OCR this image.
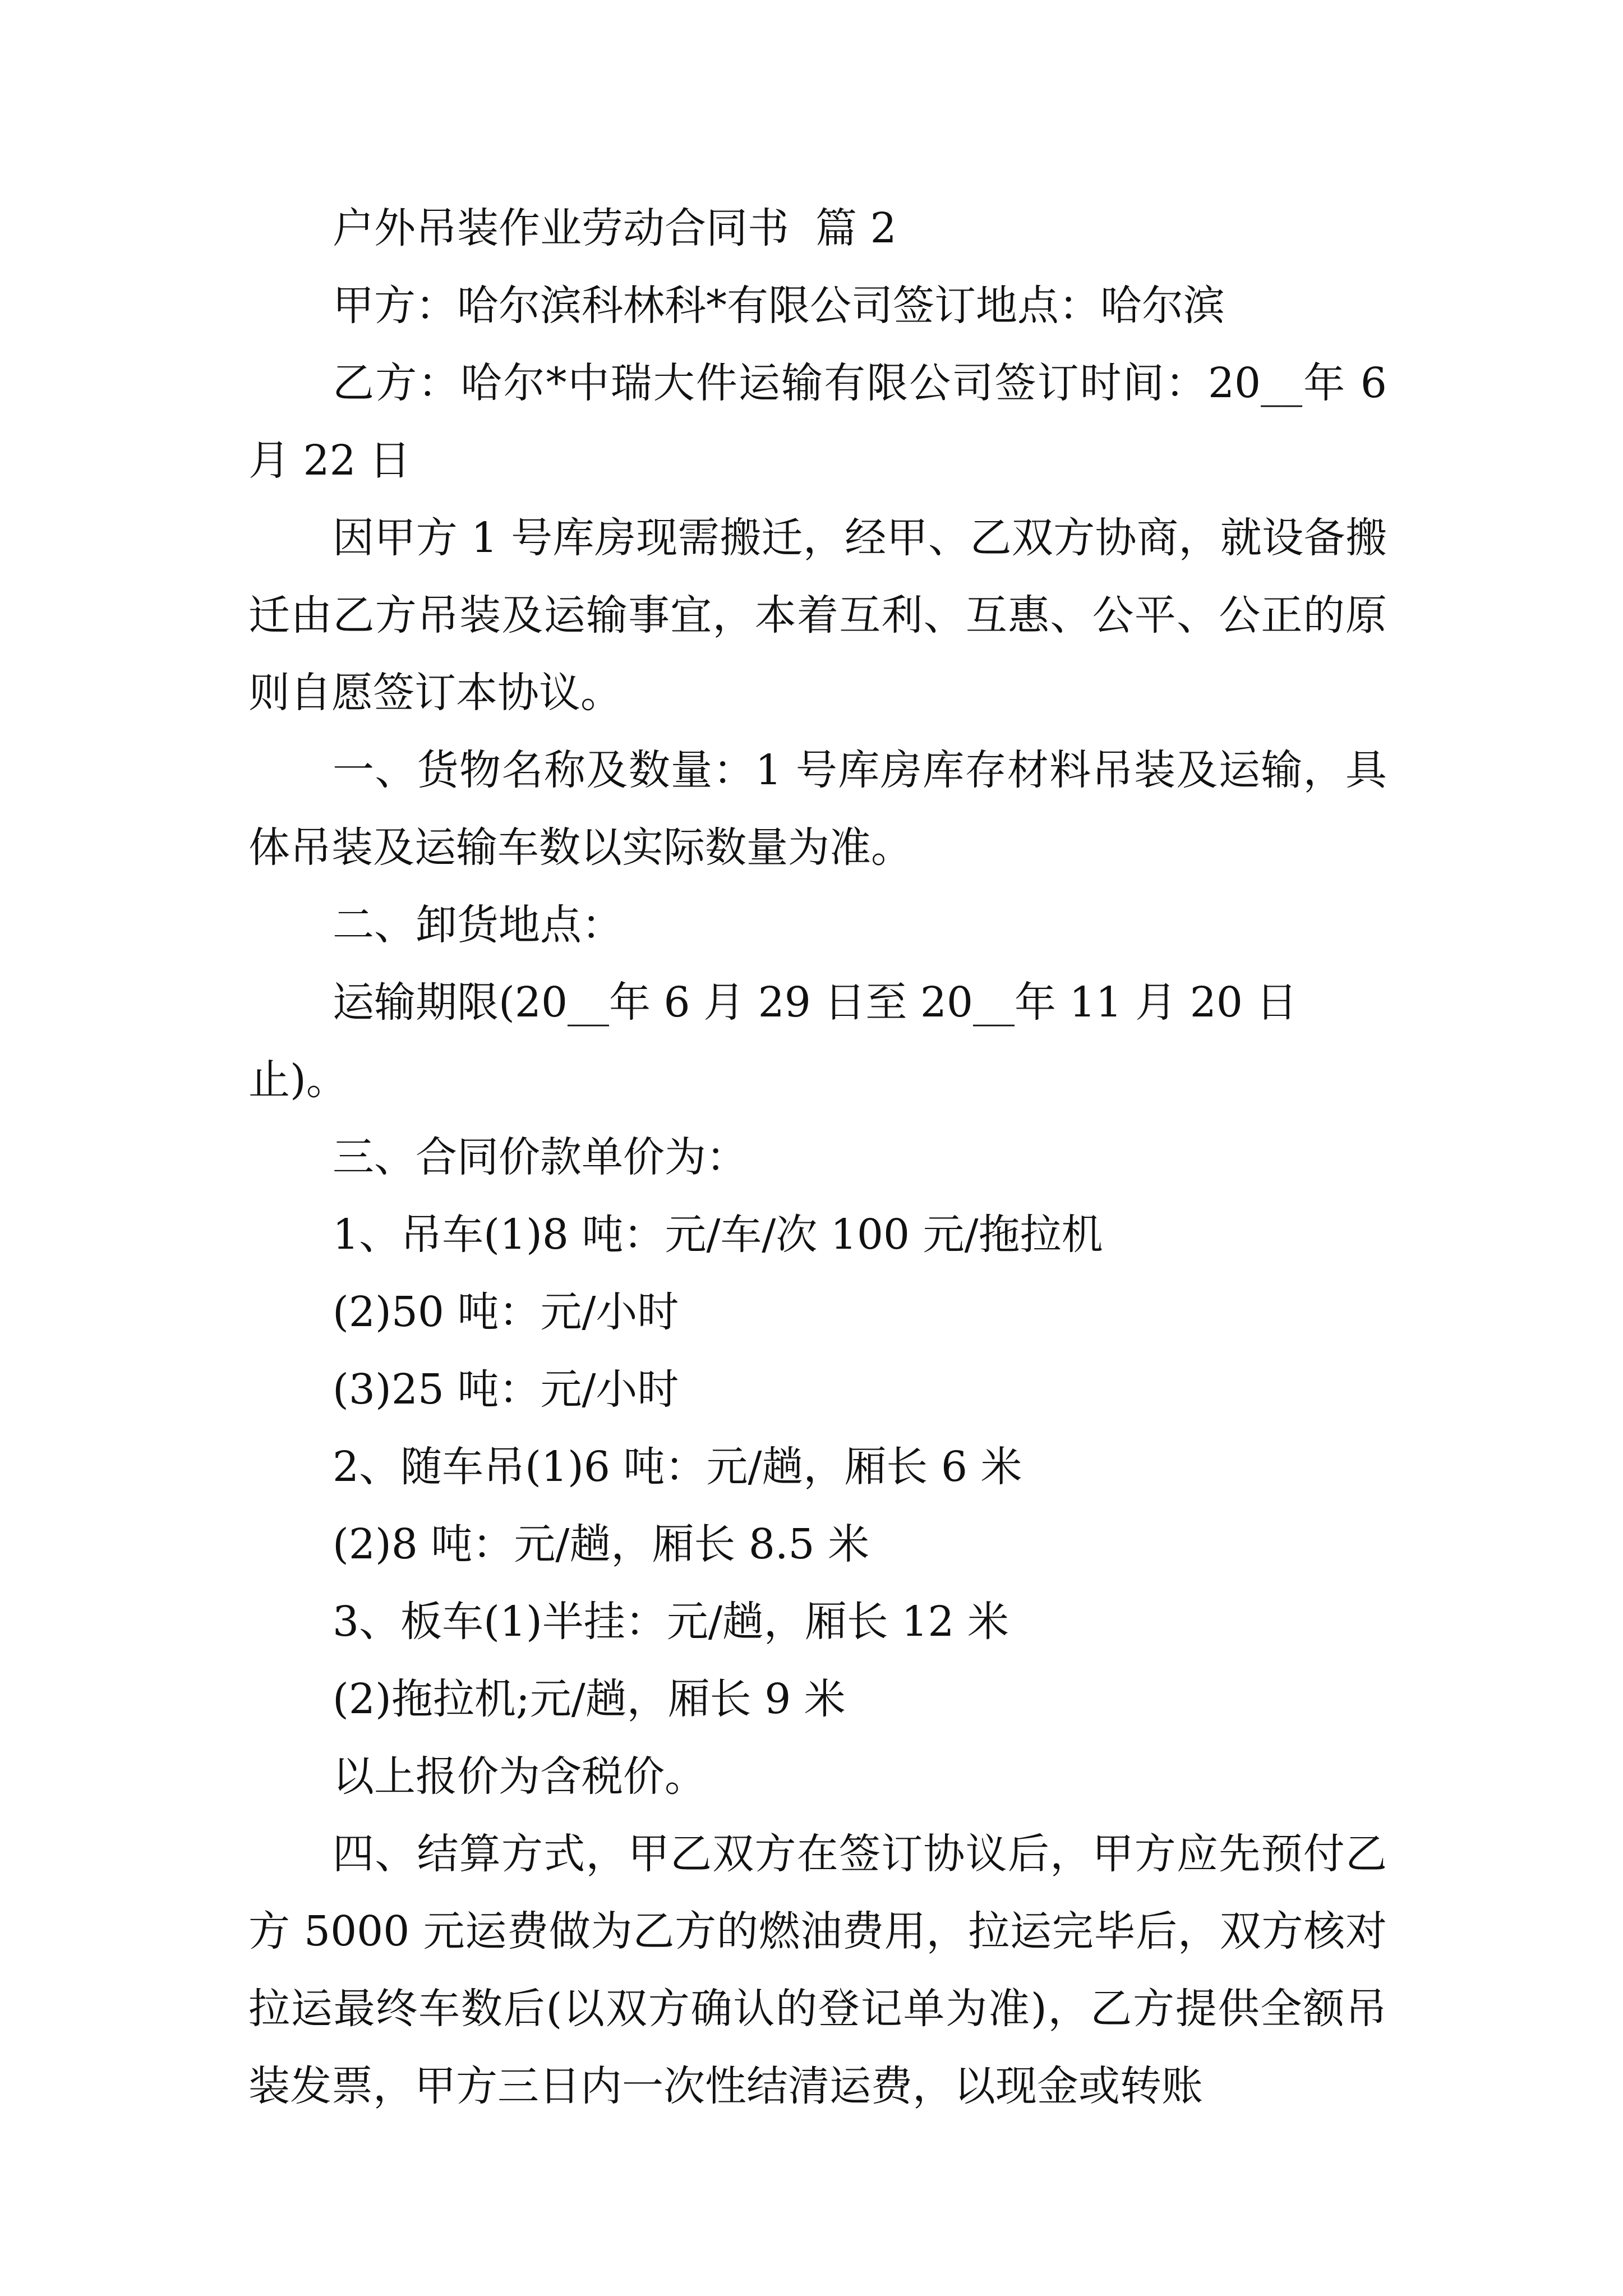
户外吊装作业劳动合同书  篇 2

甲方：哈尔滨科林科*有限公司签订地点：哈尔滨

乙方：哈尔*中瑞大件运输有限公司签订时间：20__年 6 月 22 日

因甲方 1 号库房现需搬迁，经甲、乙双方协商，就设备搬迁由乙方吊装及运输事宜，本着互利、互惠、公平、公正的原则自愿签订本协议。

一、货物名称及数量：1 号库房库存材料吊装及运输，具体吊装及运输车数以实际数量为准。

二、卸货地点：

运输期限(20__年 6 月 29 日至 20__年 11 月 20 日止)。

三、合同价款单价为：

1、吊车(1)8 吨：元/车/次 100 元/拖拉机

(2)50 吨：元/小时

(3)25 吨：元/小时

2、随车吊(1)6 吨：元/趟，厢长 6 米

(2)8 吨：元/趟，厢长 8.5 米

3、板车(1)半挂：元/趟，厢长 12 米

(2)拖拉机;元/趟，厢长 9 米

以上报价为含税价。

四、结算方式，甲乙双方在签订协议后，甲方应先预付乙方 5000 元运费做为乙方的燃油费用，拉运完毕后，双方核对拉运最终车数后(以双方确认的登记单为准)，乙方提供全额吊装发票，甲方三日内一次性结清运费，以现金或转账
